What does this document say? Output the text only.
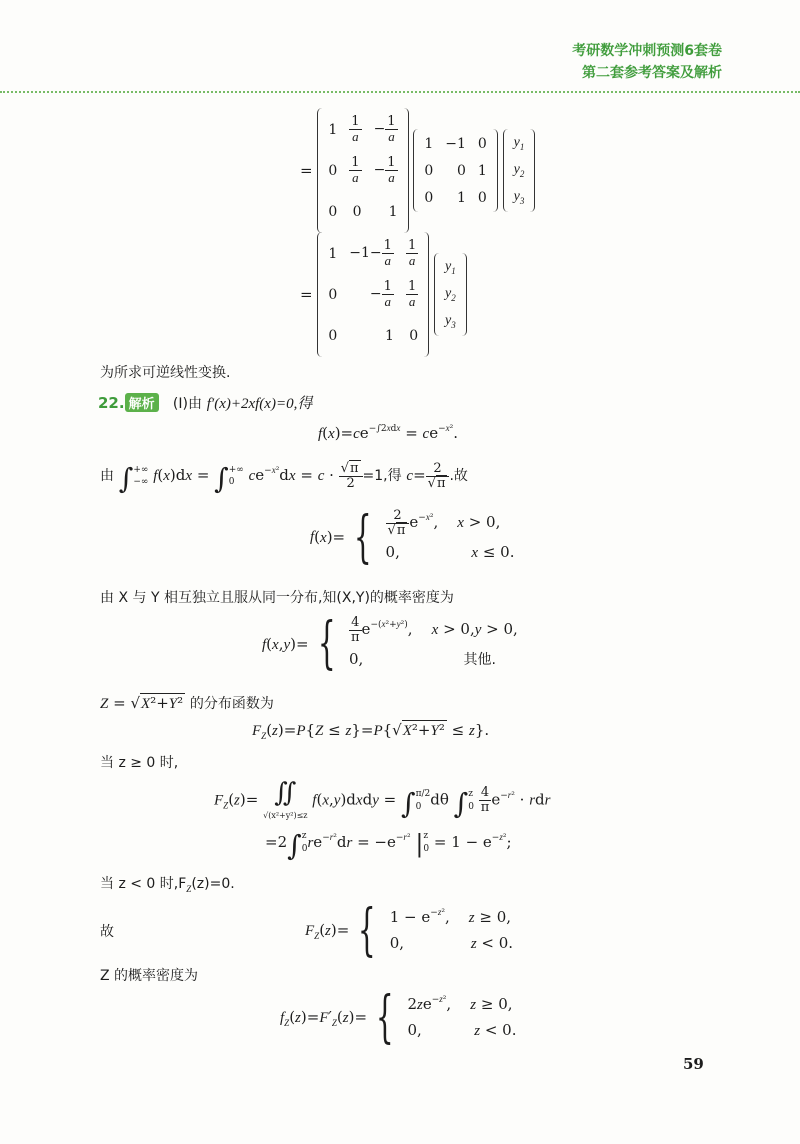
考研数学冲刺预测6套卷
第二套参考答案及解析
=
1	$\frac{1}{a}$	− $\frac{1}{a}$

0	$\frac{1}{a}$	− $\frac{1}{a}$

0	0	1

1	−1	0
0	0	1
0	1	0

$y_1$
$y_2$
$y_3$
=
1	$-1- \frac{1}{a}$	$\frac{1}{a}$

0	− $\frac{1}{a}$	$\frac{1}{a}$

0	1	0

$y_1$
$y_2$
$y_3$
为所求可逆线性变换.
22. 解析 (Ⅰ)由 f′(x)+2xf(x)=0,得
$f(x)=ce^{-\int 2xdx} = ce^{-x^2}$.
由 ∫+∞
−∞ f(x)dx = ∫+∞
0 $ce^{-x^2}dx = c \cdot \frac{√\pi}{2} =1$,得 $c= \frac{2}{√\pi}$ .故
f(x)= { $\frac{2}{√\pi} e^{-x^2}$,    x > 0,
0,               x ≤ 0.
由 X 与 Y 相互独立且服从同一分布,知(X,Y)的概率密度为
f(x,y)= { $\frac{4}{\pi} e^{-(x^2+y^2)}$,    x > 0,y > 0,
0,                     其他.
Z = √X²+Y² 的分布函数为
$F_Z(z)=P\{Z \le z\}=P\{√X^2+Y^2 \le z\}$.
当 z ≥ 0 时,
$F_Z(z)=$ ∬
√(x²+y²)≤z f(x,y)dxdy = ∫π/2
0 dθ ∫z
$0 \frac{4}{\pi} e^{-r^2}$ · rdr
=2∫z
$0re^{-r^2}dr = -e^{-r^2}$ |z
$0 = 1 - e^{-z^2}$;
当 z < 0 时$,F_Z(z)=0$.
故	$F_Z(z)=$ { $1 - e^{-z^2}$,    z ≥ 0,
0,              z < 0.
Z 的概率密度为
$f_Z(z)=F'_Z(z)=$ { $2ze^{-z^2}$,    z ≥ 0,
0,           z < 0.
59
